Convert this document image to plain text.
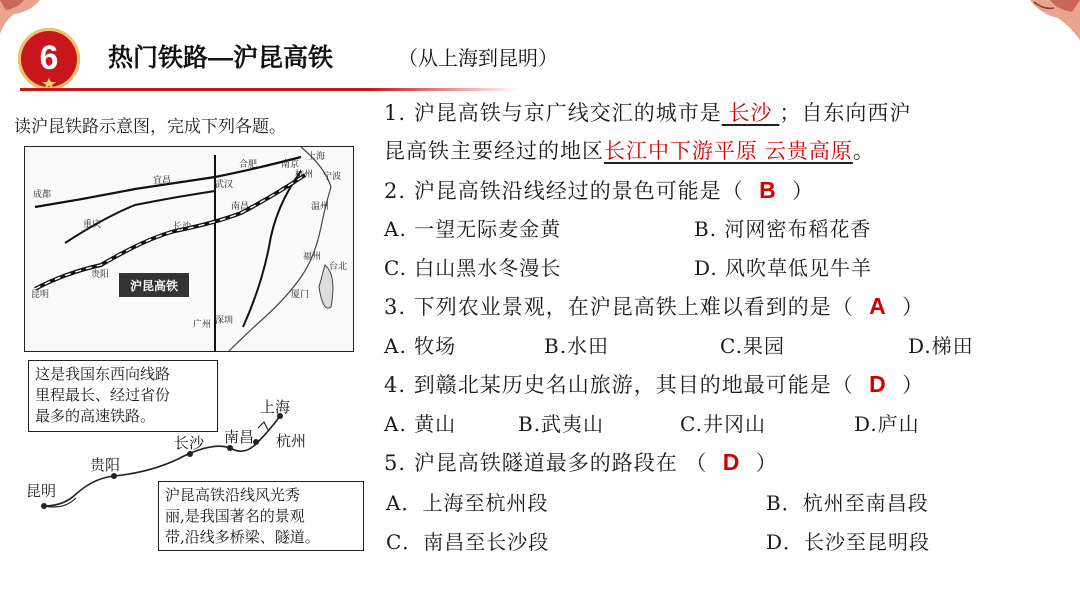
6	热门铁路—沪昆高铁	（从上海到昆明）
读沪昆铁路示意图，完成下列各题。
沪昆高铁
上海
宁波
合肥
杭州
温州
成都
宜昌	武汉
南京
重庆
南昌
长沙
福州
贵阳
昆明	厦门
广州 深圳
台北
这是我国东西向线路
里程最长、经过省份
最多的高速铁路。	上海
杭州
南昌
长沙
贵阳
昆明	沪昆高铁沿线风光秀
丽,是我国著名的景观
带,沿线多桥梁、隧道。
1. 沪昆高铁与京广线交汇的城市是 长沙 ；自东向西沪
昆高铁主要经过的地区长江中下游平原 云贵高原。
2. 沪昆高铁沿线经过的景色可能是（ B ）
A. 一望无际麦金黄	B. 河网密布稻花香
C. 白山黑水冬漫长	D. 风吹草低见牛羊
3. 下列农业景观，在沪昆高铁上难以看到的是（ A ）
A. 牧场	B.水田	C.果园	D.梯田
4. 到赣北某历史名山旅游，其目的地最可能是（ D ）
A. 黄山	B.武夷山	C.井冈山	D.庐山
5. 沪昆高铁隧道最多的路段在 （ D ）
A．上海至杭州段	B．杭州至南昌段
C．南昌至长沙段	D．长沙至昆明段
